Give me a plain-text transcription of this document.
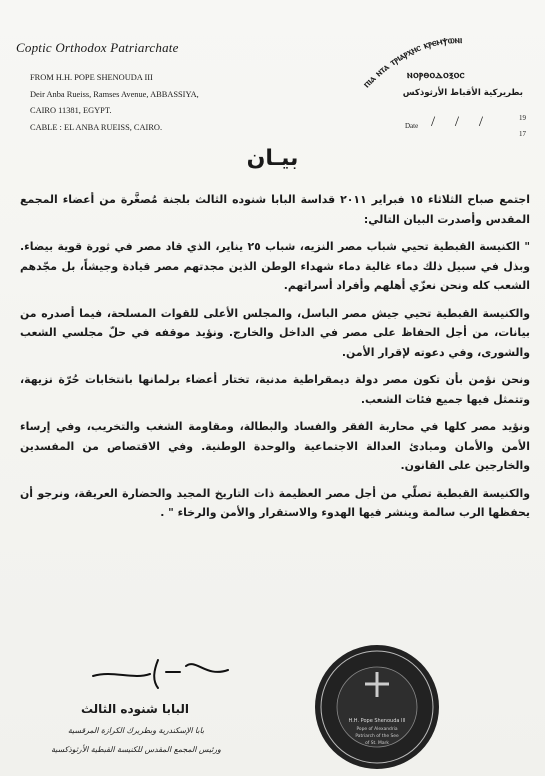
Coptic Orthodox Patriarchate
FROM H.H. POPE SHENOUDA III
Deir Anba Rueiss, Ramses Avenue, ABBASSIYA,
CAIRO 11381, EGYPT.
CABLE : EL ANBA RUEISS, CAIRO.
ⲡⲓⲁ ⲛⲧⲁ ⲧⲣⲓⲁⲣⲭⲏⲥ ⲕⲣⲉⲙⲯⲱⲛⲓ
ⲛⲟⲣⲑⲟⲇⲟⲝⲟⲥ
بطريركية الأقباط الأرثوذكس
Date / / /	19
17
بيـان

اجتمع صباح الثلاثاء ١٥ فبراير ٢٠١١ قداسة البابا شنوده الثالث بلجنة مُصغَّرة من أعضاء المجمع المقدس وأصدرت البيان التالي:

" الكنيسة القبطية تحيي شباب مصر النزيه، شباب ٢٥ يناير، الذي قاد مصر في ثورة قوية بيضاء. وبذل في سبيل ذلك دماء غالية دماء شهداء الوطن الذين مجدتهم مصر قيادة وجيشاً، بل مجّدهم الشعب كله ونحن نعزّي أهلهم وأفراد أسراتهم.

والكنيسة القبطية تحيي جيش مصر الباسل، والمجلس الأعلى للقوات المسلحة، فيما أصدره من بيانات، من أجل الحفاظ على مصر في الداخل والخارج. ونؤيد موقفه في حلّ مجلسي الشعب والشورى، وفي دعوته لإقرار الأمن.

ونحن نؤمن بأن تكون مصر دولة ديمقراطية مدنية، تختار أعضاء برلمانها بانتخابات حُرّة نزيهة، وتتمثل فيها جميع فئات الشعب.

ونؤيد مصر كلها في محاربة الفقر والفساد والبطالة، ومقاومة الشغب والتخريب، وفي إرساء الأمن والأمان ومبادئ العدالة الاجتماعية والوحدة الوطنية. وفي الاقتصاص من المفسدين والخارجين على القانون.

والكنيسة القبطية تصلّي من أجل مصر العظيمة ذات التاريخ المجيد والحضارة العريقة، ونرجو أن يحفظها الرب سالمة وينشر فيها الهدوء والاستقرار والأمن والرخاء " .

البابا شنوده الثالث
بابا الإسكندرية وبطريرك الكرازة المرقسية
ورئيس المجمع المقدس للكنيسة القبطية الأرثوذكسية
H.H. Pope Shenouda III
Pope of Alexandria
Patriarch of the See
of St. Mark
